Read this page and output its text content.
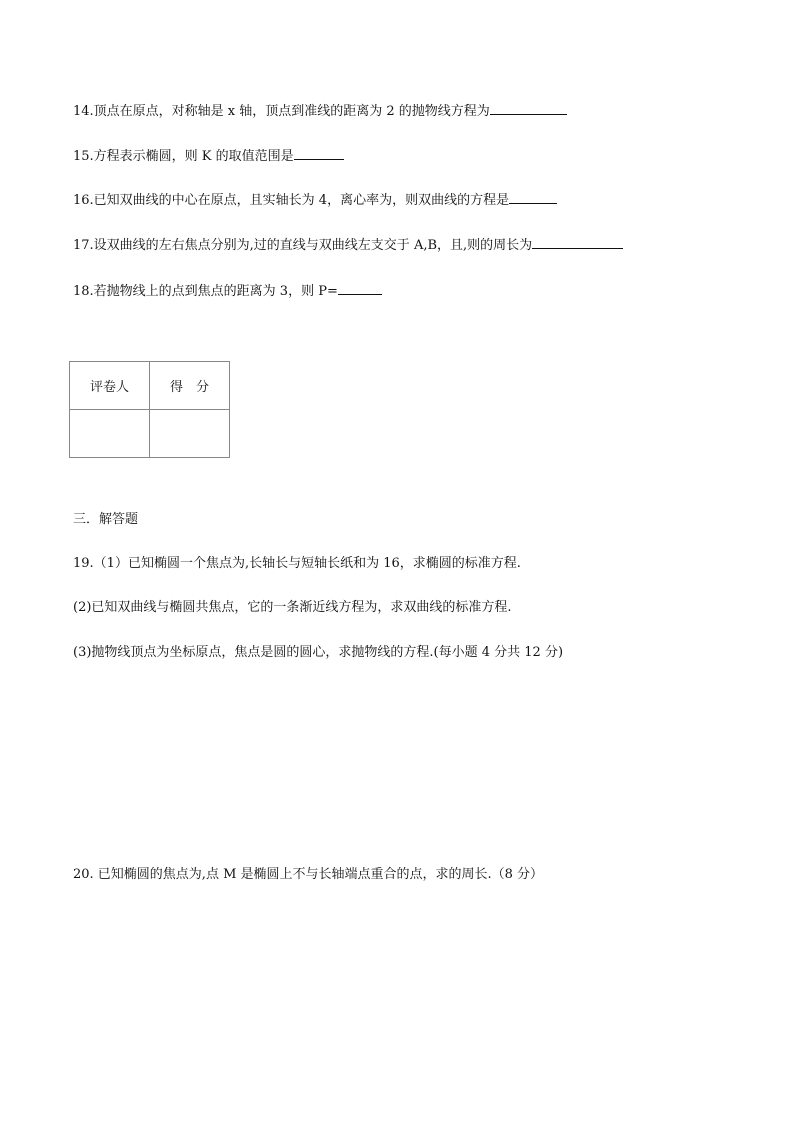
14.顶点在原点，对称轴是 x 轴，顶点到准线的距离为 2 的抛物线方程为
15.方程表示椭圆，则 K 的取值范围是
16.已知双曲线的中心在原点，且实轴长为 4，离心率为，则双曲线的方程是
17.设双曲线的左右焦点分别为,过的直线与双曲线左支交于 A,B，且,则的周长为
18.若抛物线上的点到焦点的距离为 3，则 P=
评卷人	得　分

三．解答题
19.（1）已知椭圆一个焦点为,长轴长与短轴长纸和为 16，求椭圆的标准方程.
(2)已知双曲线与椭圆共焦点，它的一条渐近线方程为，求双曲线的标准方程.
(3)抛物线顶点为坐标原点，焦点是圆的圆心，求抛物线的方程.(每小题 4 分共 12 分)
20. 已知椭圆的焦点为,点 M 是椭圆上不与长轴端点重合的点，求的周长.（8 分）
